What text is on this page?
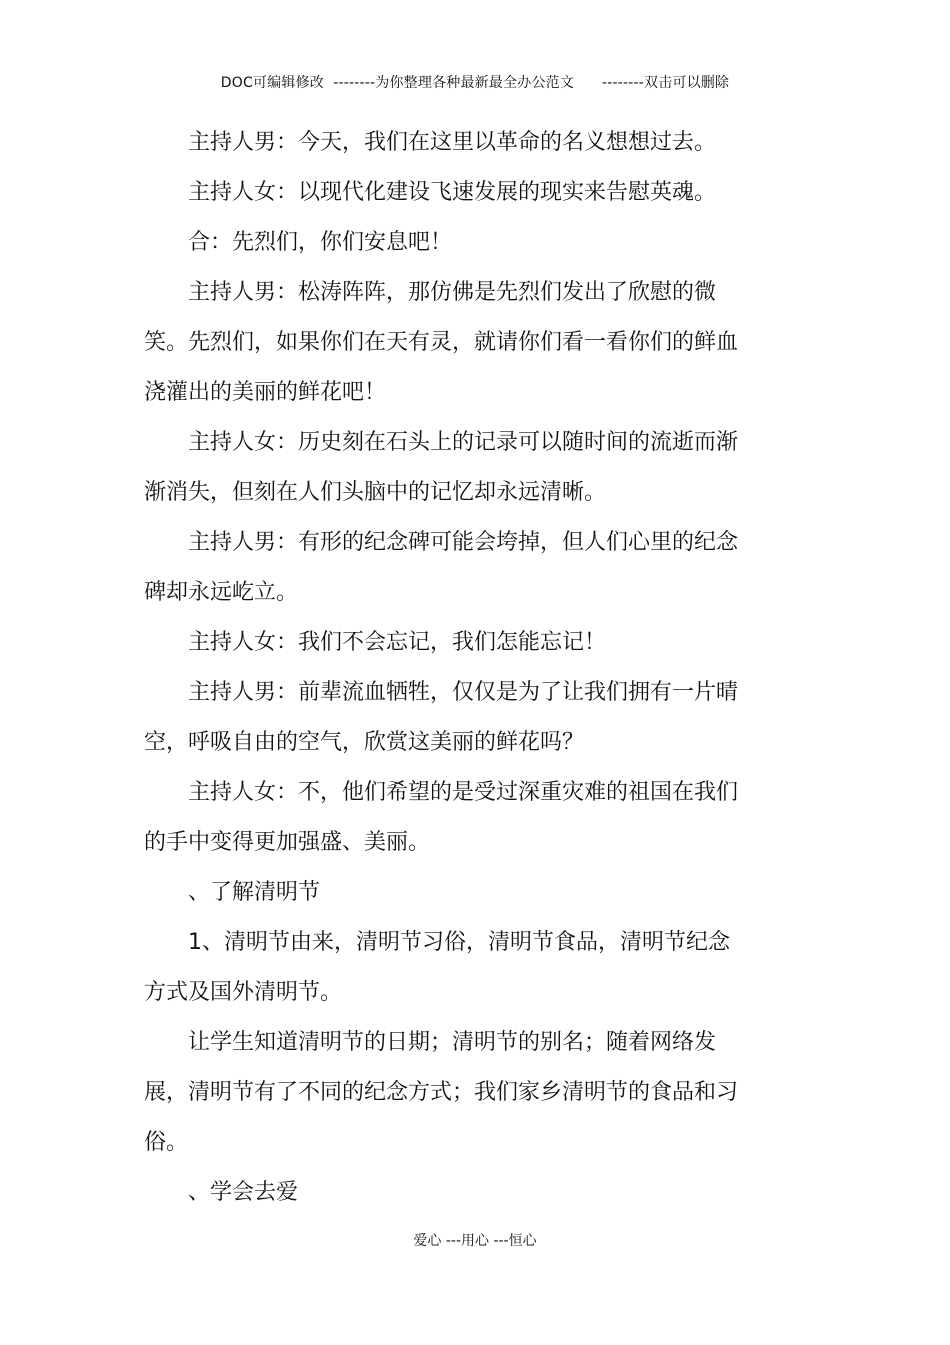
DOC可编辑修改  --------为你整理各种最新最全办公范文      --------双击可以删除

主持人男：今天，我们在这里以革命的名义想想过去。

主持人女：以现代化建设飞速发展的现实来告慰英魂。

合：先烈们，你们安息吧！

主持人男：松涛阵阵，那仿佛是先烈们发出了欣慰的微笑。先烈们，如果你们在天有灵，就请你们看一看你们的鲜血浇灌出的美丽的鲜花吧！

主持人女：历史刻在石头上的记录可以随时间的流逝而渐渐消失，但刻在人们头脑中的记忆却永远清晰。

主持人男：有形的纪念碑可能会垮掉，但人们心里的纪念碑却永远屹立。

主持人女：我们不会忘记，我们怎能忘记！

主持人男：前辈流血牺牲，仅仅是为了让我们拥有一片晴空，呼吸自由的空气，欣赏这美丽的鲜花吗？

主持人女：不，他们希望的是受过深重灾难的祖国在我们的手中变得更加强盛、美丽。

、了解清明节

1、清明节由来，清明节习俗，清明节食品，清明节纪念方式及国外清明节。

让学生知道清明节的日期；清明节的别名；随着网络发展，清明节有了不同的纪念方式；我们家乡清明节的食品和习俗。

、学会去爱

爱心 ---用心 ---恒心
